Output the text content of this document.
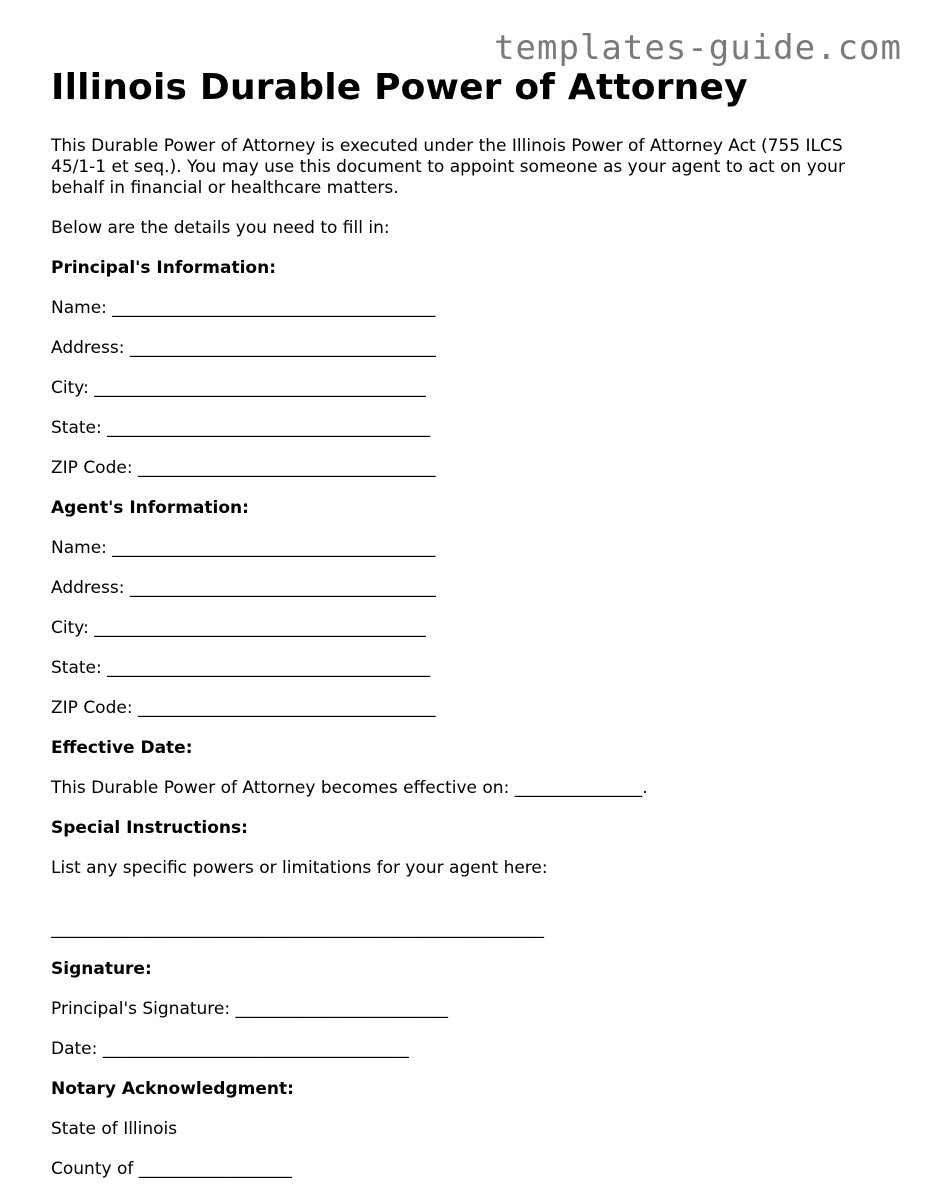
templates-guide.com
Illinois Durable Power of Attorney

This Durable Power of Attorney is executed under the Illinois Power of Attorney Act (755 ILCS 45/1-1 et seq.). You may use this document to appoint someone as your agent to act on your behalf in financial or healthcare matters.

Below are the details you need to fill in:

Principal's Information:

Name: ______________________________________

Address: ____________________________________

City: _______________________________________

State: ______________________________________

ZIP Code: ___________________________________

Agent's Information:

Name: ______________________________________

Address: ____________________________________

City: _______________________________________

State: ______________________________________

ZIP Code: ___________________________________

Effective Date:

This Durable Power of Attorney becomes effective on: _______________.

Special Instructions:

List any specific powers or limitations for your agent here:

__________________________________________________________

Signature:

Principal's Signature: _________________________

Date: ____________________________________

Notary Acknowledgment:

State of Illinois

County of __________________
